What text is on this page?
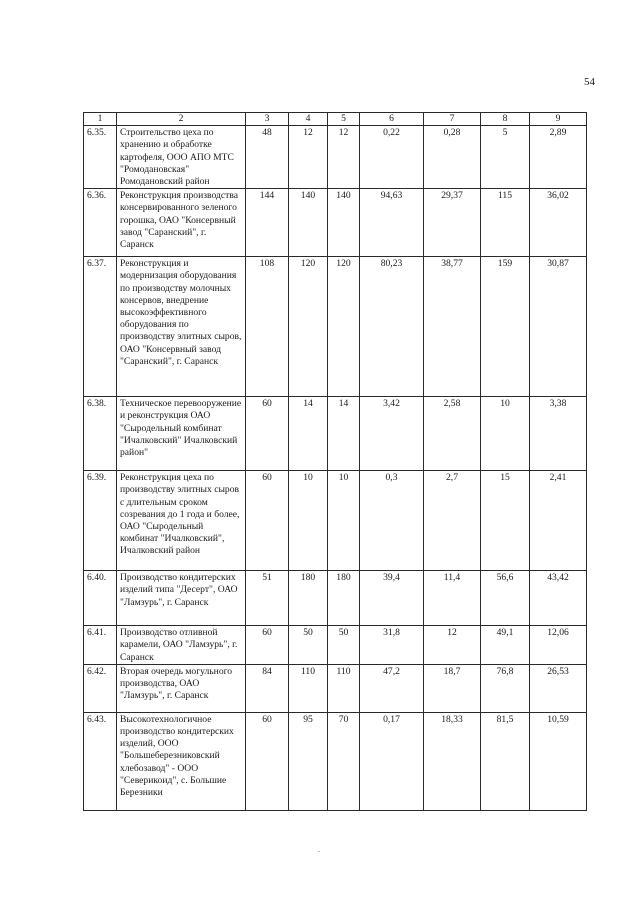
54
1	2	3	4	5	6	7	8	9
6.35.	Строительство цеха по хранению и обработке картофеля, ООО АПО МТС "Ромодановская" Ромодановский район	48	12	12	0,22	0,28	5	2,89
6.36.	Реконструкция производства консервированного зеленого горошка, ОАО "Консервный завод "Саранский", г. Саранск	144	140	140	94,63	29,37	115	36,02
6.37.	Реконструкция и модернизация оборудования по производству молочных консервов, внедрение высокоэффективного оборудования по производству элитных сыров, ОАО "Консервный завод "Саранский", г. Саранск	108	120	120	80,23	38,77	159	30,87
6.38.	Техническое перевооружение и реконструкция ОАО "Сыродельный комбинат "Ичалковский" Ичалковский район"	60	14	14	3,42	2,58	10	3,38
6.39.	Реконструкция цеха по производству элитных сыров с длительным сроком созревания до 1 года и более, ОАО "Сыродельный комбинат "Ичалковский", Ичалковский район	60	10	10	0,3	2,7	15	2,41
6.40.	Производство кондитерских изделий типа "Десерт", ОАО "Ламзурь", г. Саранск	51	180	180	39,4	11,4	56,6	43,42
6.41.	Производство отливной карамели, ОАО "Ламзурь", г. Саранск	60	50	50	31,8	12	49,1	12,06
6.42.	Вторая очередь могульного производства, ОАО "Ламзурь", г. Саранск	84	110	110	47,2	18,7	76,8	26,53
6.43.	Высокотехнологичное производство кондитерских изделий, ООО "Большеберезниковский хлебозавод" - ООО "Северикоид", с. Большие Березники	60	95	70	0,17	18,33	81,5	10,59
